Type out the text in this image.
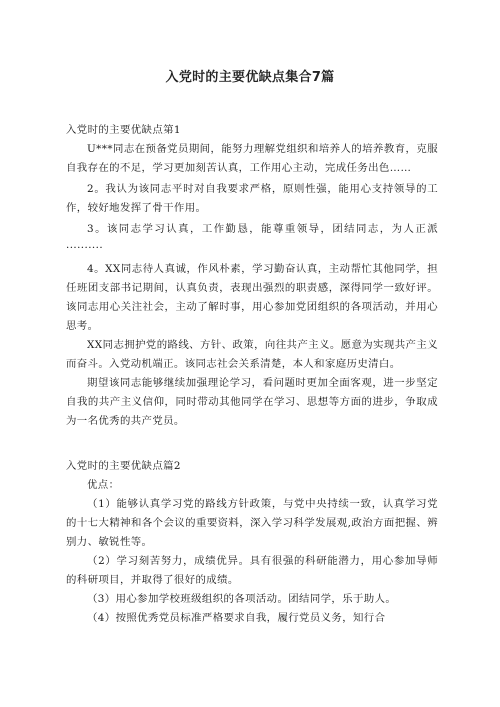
入党时的主要优缺点集合7篇

入党时的主要优缺点第1

U***同志在预备党员期间，能努力理解党组织和培养人的培养教育，克服自我存在的不足，学习更加刻苦认真，工作用心主动，完成任务出色……

2。我认为该同志平时对自我要求严格，原则性强，能用心支持领导的工作，较好地发挥了骨干作用。

3。该同志学习认真，工作勤恳，能尊重领导，团结同志，为人正派··········

4。XX同志待人真诚，作风朴素，学习勤奋认真，主动帮忙其他同学，担任班团支部书记期间，认真负责，表现出强烈的职责感，深得同学一致好评。该同志用心关注社会，主动了解时事，用心参加党团组织的各项活动，并用心思考。

XX同志拥护党的路线、方针、政策，向往共产主义。愿意为实现共产主义而奋斗。入党动机端正。该同志社会关系清楚，本人和家庭历史清白。

期望该同志能够继续加强理论学习，看问题时更加全面客观，进一步坚定自我的共产主义信仰，同时带动其他同学在学习、思想等方面的进步，争取成为一名优秀的共产党员。

入党时的主要优缺点篇2

优点：

（1）能够认真学习党的路线方针政策，与党中央持续一致，认真学习党的十七大精神和各个会议的重要资料，深入学习科学发展观,政治方面把握、辨别力、敏锐性等。

（2）学习刻苦努力，成绩优异。具有很强的科研能潜力，用心参加导师的科研项目，并取得了很好的成绩。

（3）用心参加学校班级组织的各项活动。团结同学，乐于助人。

（4）按照优秀党员标准严格要求自我，履行党员义务，知行合
